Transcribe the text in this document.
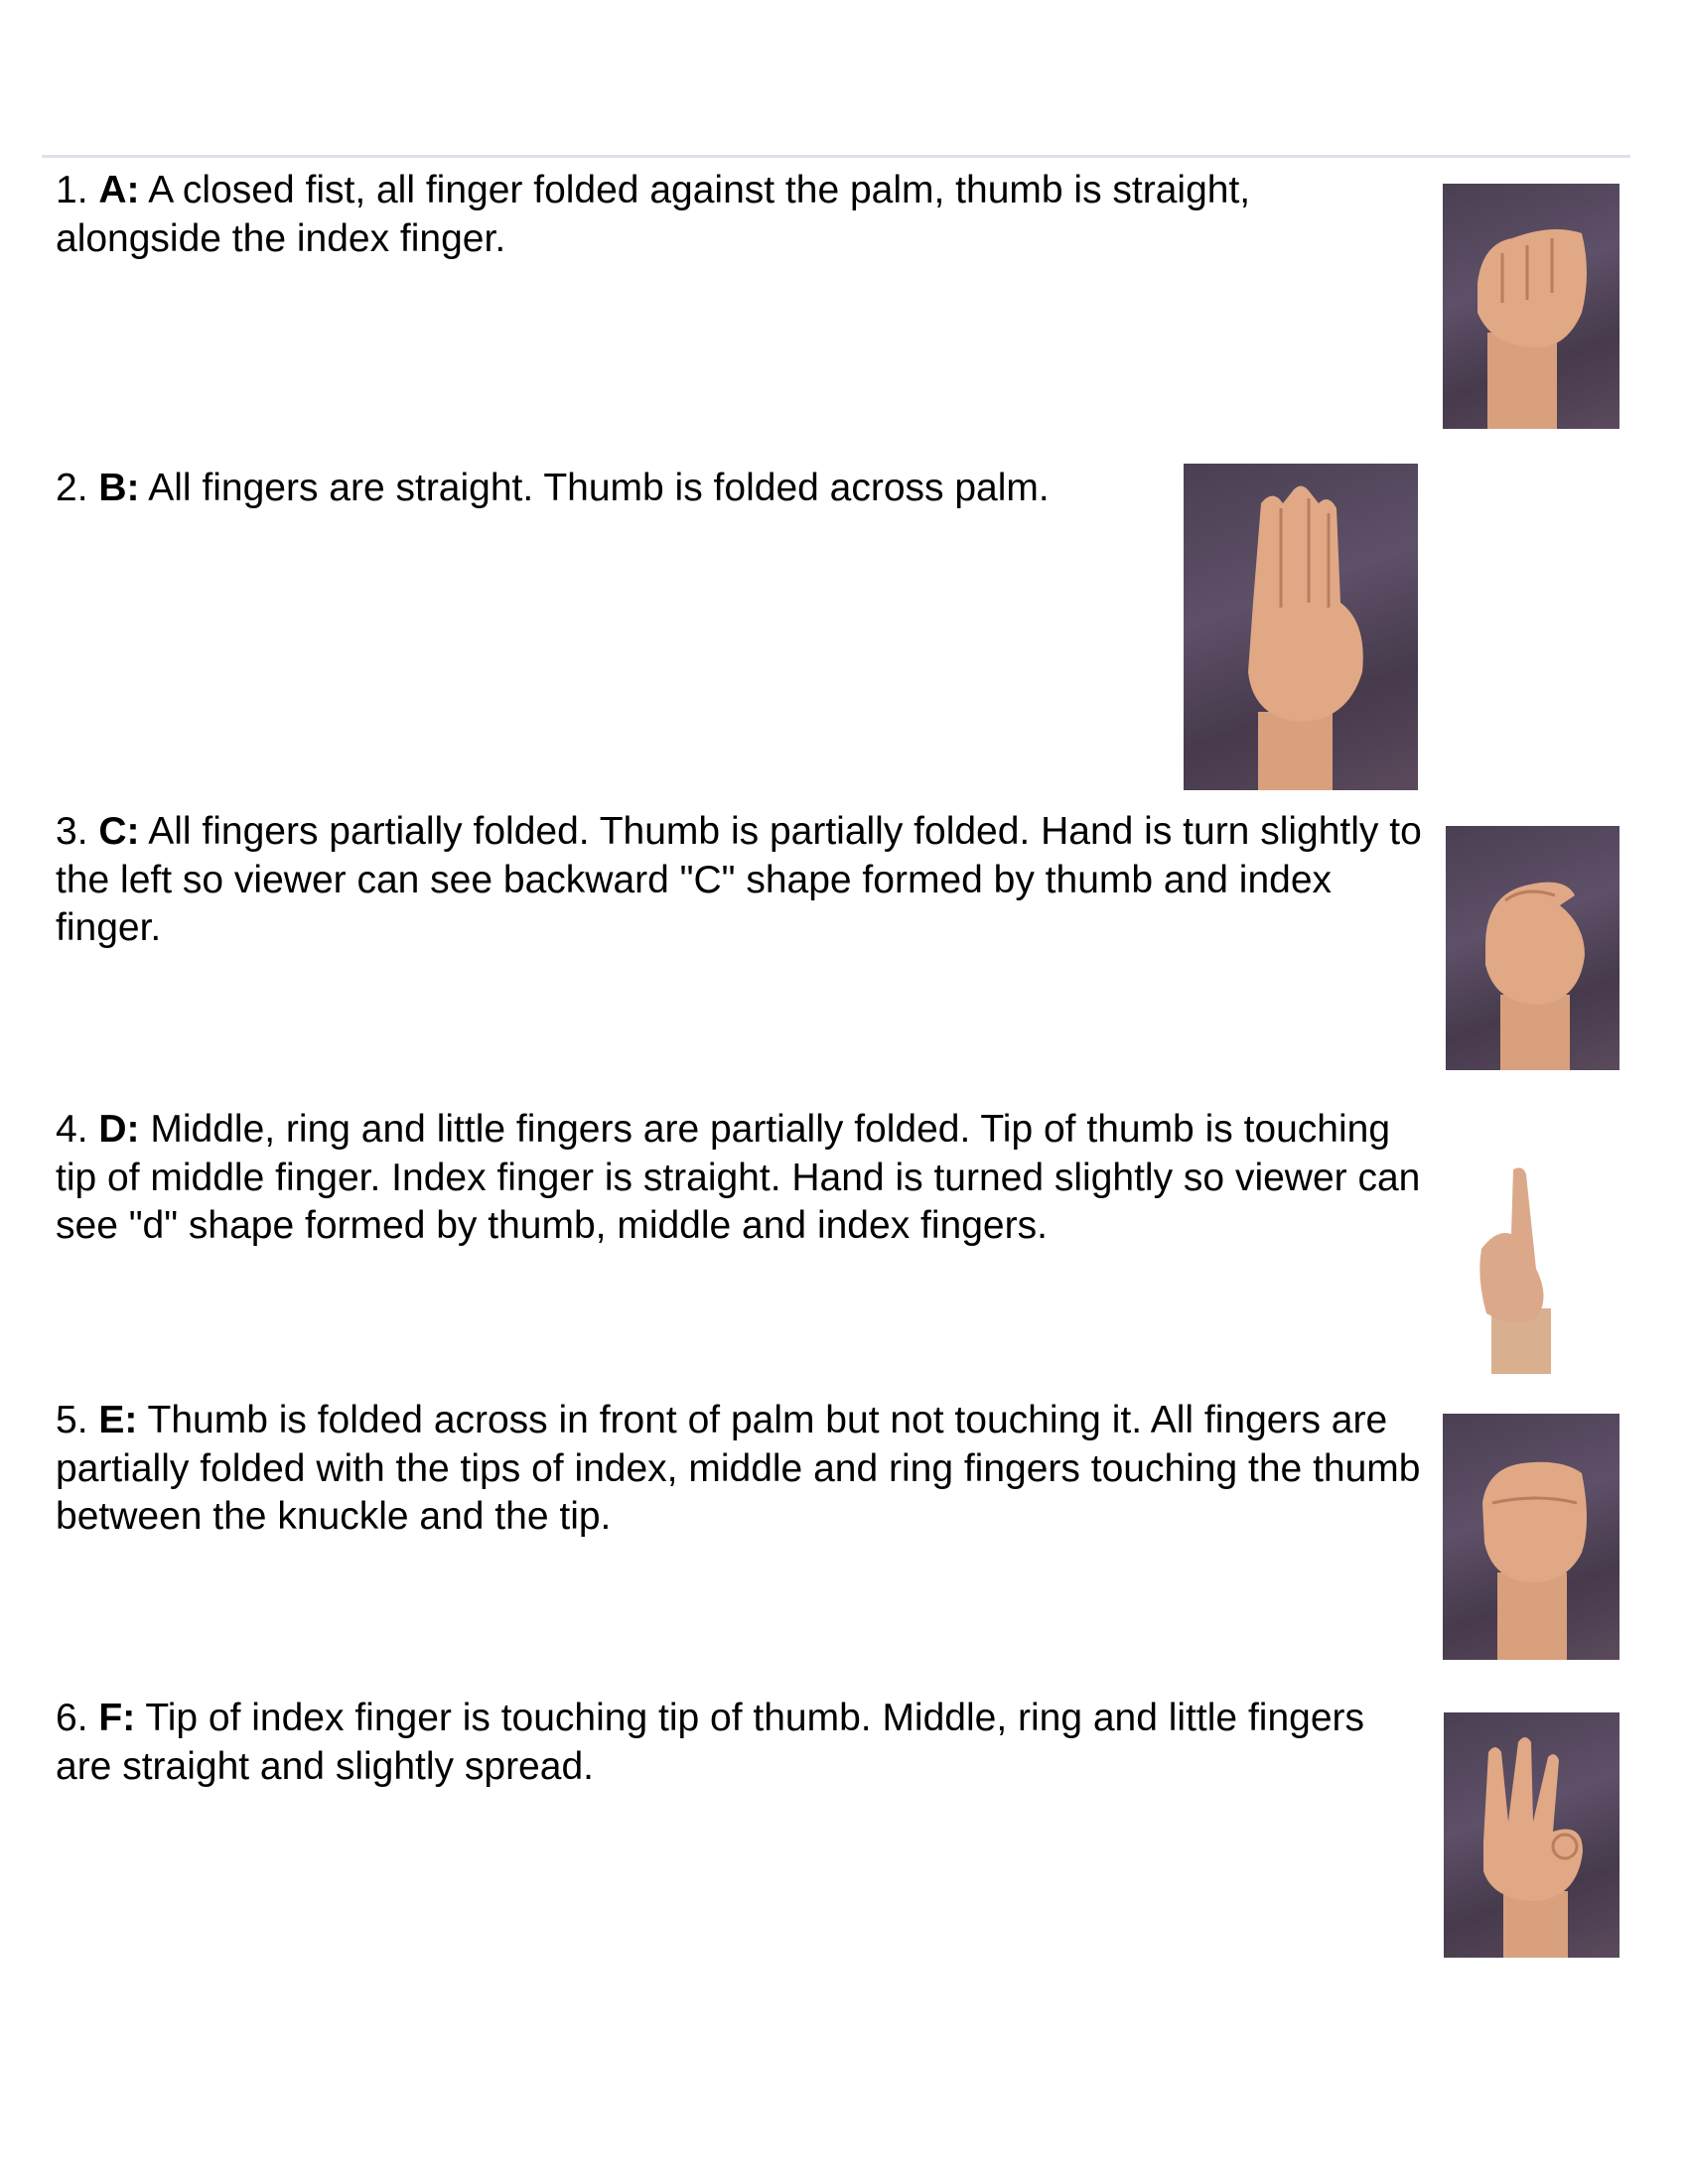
1. A: A closed fist, all finger folded against the palm, thumb is straight, alongside the index finger.
2. B: All fingers are straight. Thumb is folded across palm.
3. C: All fingers partially folded. Thumb is partially folded. Hand is turn slightly to the left so viewer can see backward "C" shape formed by thumb and index finger.
4. D: Middle, ring and little fingers are partially folded. Tip of thumb is touching tip of middle finger. Index finger is straight. Hand is turned slightly so viewer can see "d" shape formed by thumb, middle and index fingers.
5. E: Thumb is folded across in front of palm but not touching it. All fingers are partially folded with the tips of index, middle and ring fingers touching the thumb between the knuckle and the tip.
6. F: Tip of index finger is touching tip of thumb. Middle, ring and little fingers are straight and slightly spread.
